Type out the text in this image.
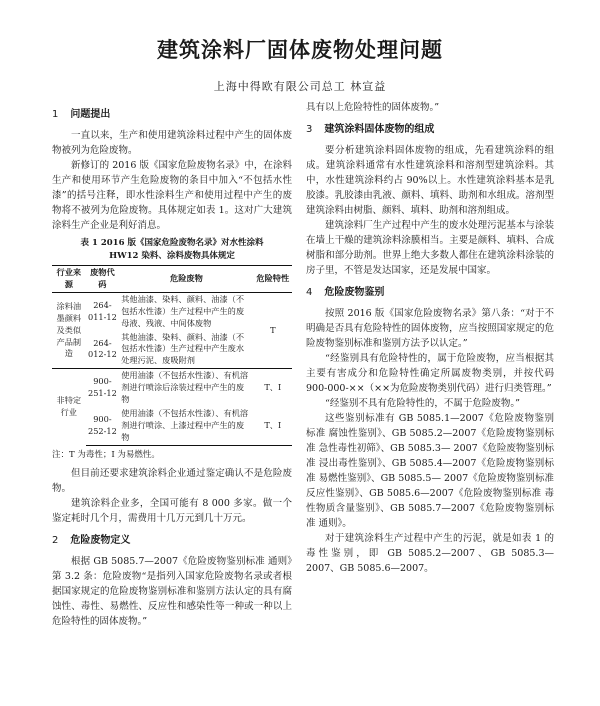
建筑涂料厂固体废物处理问题
上海中得欧有限公司总工 林宣益
1 问题提出

一直以来，生产和使用建筑涂料过程中产生的固体废物被列为危险废物。

新修订的 2016 版《国家危险废物名录》中，在涂料生产和使用环节产生危险废物的条目中加入“不包括水性漆”的括号注释，即水性涂料生产和使用过程中产生的废物将不被列为危险废物。具体规定如表 1。这对广大建筑涂料生产企业是利好消息。

表 1 2016 版《国家危险废物名录》对水性涂料
HW12 染料、涂料废物具体规定
行业来源	废物代码	危险废物	危险特性
涂料油墨颜料及类似产品制造	264-011-12	其他油漆、染料、颜料、油漆（不包括水性漆）生产过程中产生的废母液、残液、中间体废物	T
	264-012-12	其他油漆、染料、颜料、油漆（不包括水性漆）生产过程中产生废水处理污泥、废吸附剂	
非特定行业	900-251-12	使用油漆（不包括水性漆）、有机溶剂进行喷涂后涂装过程中产生的废物	T、I
	900-252-12	使用油漆（不包括水性漆）、有机溶剂进行喷涂、上漆过程中产生的废物	T、I
注：T 为毒性；I 为易燃性。

但目前还要求建筑涂料企业通过鉴定确认不是危险废物。

建筑涂料企业多，全国可能有 8 000 多家。做一个鉴定耗时几个月，需费用十几万元到几十万元。

2 危险废物定义

根据 GB 5085.7—2007《危险废物鉴别标准 通则》第 3.2 条：危险废物“是指列入国家危险废物名录或者根据国家规定的危险废物鉴别标准和鉴别方法认定的具有腐蚀性、毒性、易燃性、反应性和感染性等一种或一种以上危险特性的固体废物。”

具有以上危险特性的固体废物。”

3 建筑涂料固体废物的组成

要分析建筑涂料固体废物的组成，先看建筑涂料的组成。建筑涂料通常有水性建筑涂料和溶剂型建筑涂料。其中，水性建筑涂料约占 90%以上。水性建筑涂料基本是乳胶漆。乳胶漆由乳液、颜料、填料、助剂和水组成。溶剂型建筑涂料由树脂、颜料、填料、助剂和溶剂组成。

建筑涂料厂生产过程中产生的废水处理污泥基本与涂装在墙上干燥的建筑涂料涂膜相当。主要是颜料、填料、合成树脂和部分助剂。世界上绝大多数人都住在建筑涂料涂装的房子里，不管是发达国家，还是发展中国家。

4 危险废物鉴别

按照 2016 版《国家危险废物名录》第八条：“对于不明确是否具有危险特性的固体废物，应当按照国家规定的危险废物鉴别标准和鉴别方法予以认定。”

“经鉴别具有危险特性的，属于危险废物，应当根据其主要有害成分和危险特性确定所属废物类别，并按代码 900-000-××（××为危险废物类别代码）进行归类管理。”

“经鉴别不具有危险特性的，不属于危险废物。”

这些鉴别标准有 GB 5085.1—2007《危险废物鉴别标准 腐蚀性鉴别》、GB 5085.2—2007《危险废物鉴别标准 急性毒性初筛》、GB 5085.3— 2007《危险废物鉴别标准 浸出毒性鉴别》、GB 5085.4—2007《危险废物鉴别标准 易燃性鉴别》、GB 5085.5— 2007《危险废物鉴别标准 反应性鉴别》、GB 5085.6—2007《危险废物鉴别标准 毒性物质含量鉴别》、GB 5085.7—2007《危险废物鉴别标准 通则》。

对于建筑涂料生产过程中产生的污泥，就是如表 1 的毒性鉴别，即 GB 5085.2—2007、GB 5085.3—2007、GB 5085.6—2007。
